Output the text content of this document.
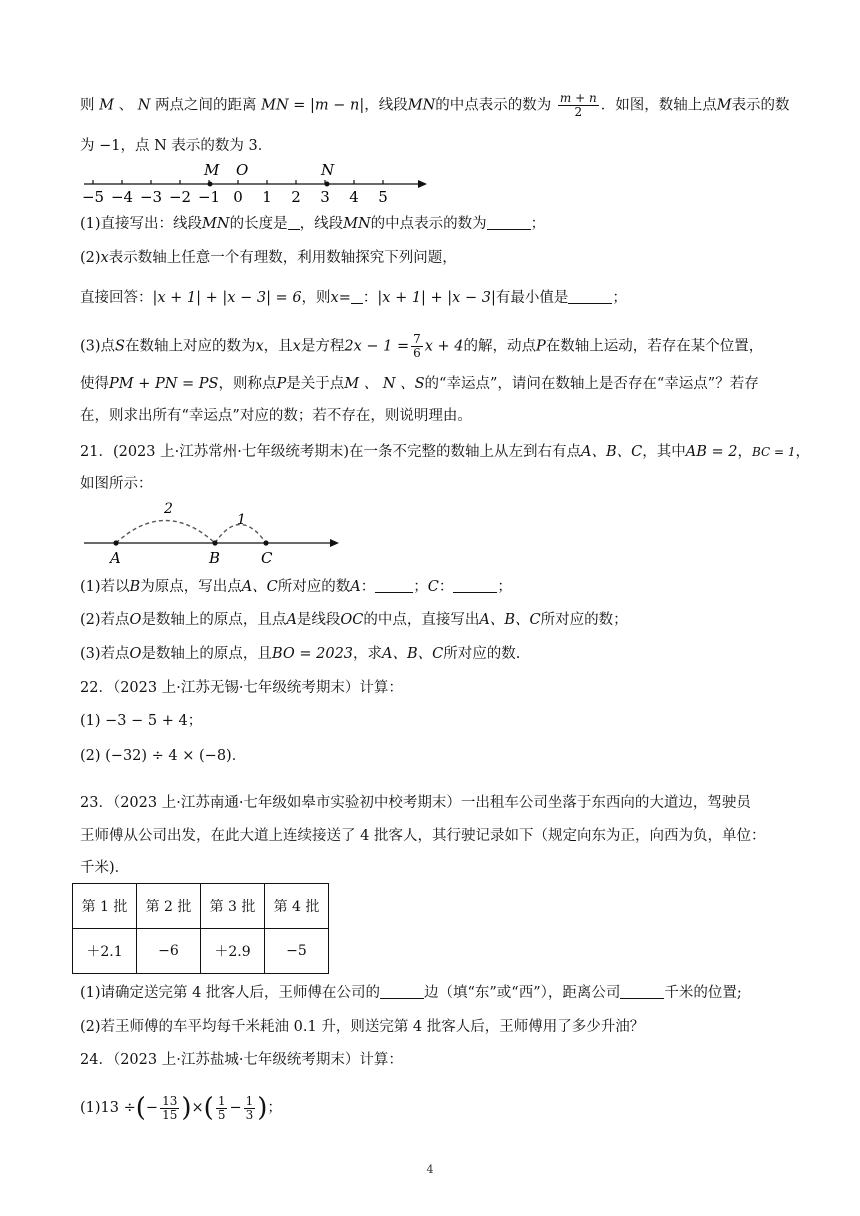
则 M 、 N 两点之间的距离 MN = |m − n|，线段MN的中点表示的数为 $\frac{m + n}{2}$ ．如图，数轴上点M表示的数
为 −1，点 N 表示的数为 3．
−5 −4 −3 −2 −1 0 1 2 3 4 5
M O	N
(1)直接写出：线段MN的长度是 ，线段MN的中点表示的数为	；
(2)x表示数轴上任意一个有理数，利用数轴探究下列问题，
直接回答：|x + 1| + |x − 3| = 6，则x= ：|x + 1| + |x − 3|有最小值是	；
(3)点S在数轴上对应的数为x，且x是方程$2x - 1 = \frac{7}{6}$ x + 4的解，动点P在数轴上运动，若存在某个位置，
使得PM + PN = PS，则称点P是关于点M 、 N 、S的“幸运点”，请问在数轴上是否存在“幸运点”？若存
在，则求出所有“幸运点”对应的数；若不存在，则说明理由。
21．(2023 上·江苏常州·七年级统考期末)在一条不完整的数轴上从左到右有点A、B、C，其中AB = 2，BC = 1，
如图所示：
2
1
A	B	C
(1)若以B为原点，写出点A、C所对应的数A：	；C：	；
(2)若点O是数轴上的原点，且点A是线段OC的中点，直接写出A、B、C所对应的数；
(3)若点O是数轴上的原点，且BO = 2023，求A、B、C所对应的数.
22．（2023 上·江苏无锡·七年级统考期末）计算：
(1) −3 − 5 + 4；
(2) (−32) ÷ 4 × (−8)．
23．（2023 上·江苏南通·七年级如皋市实验初中校考期末）一出租车公司坐落于东西向的大道边，驾驶员
王师傅从公司出发，在此大道上连续接送了 4 批客人，其行驶记录如下（规定向东为正，向西为负，单位：
千米)．
第 1 批	第 2 批	第 3 批	第 4 批
＋2.1	−6	＋2.9	−5
(1)请确定送完第 4 批客人后，王师傅在公司的	边（填“东”或“西”），距离公司	千米的位置;
(2)若王师傅的车平均每千米耗油 0.1 升，则送完第 4 批客人后，王师傅用了多少升油？
24．（2023 上·江苏盐城·七年级统考期末）计算：
(1)13 ÷(− $\frac{13}{15}$ )×( $\frac{1}{5} - \frac{1}{3}$ )；
4
